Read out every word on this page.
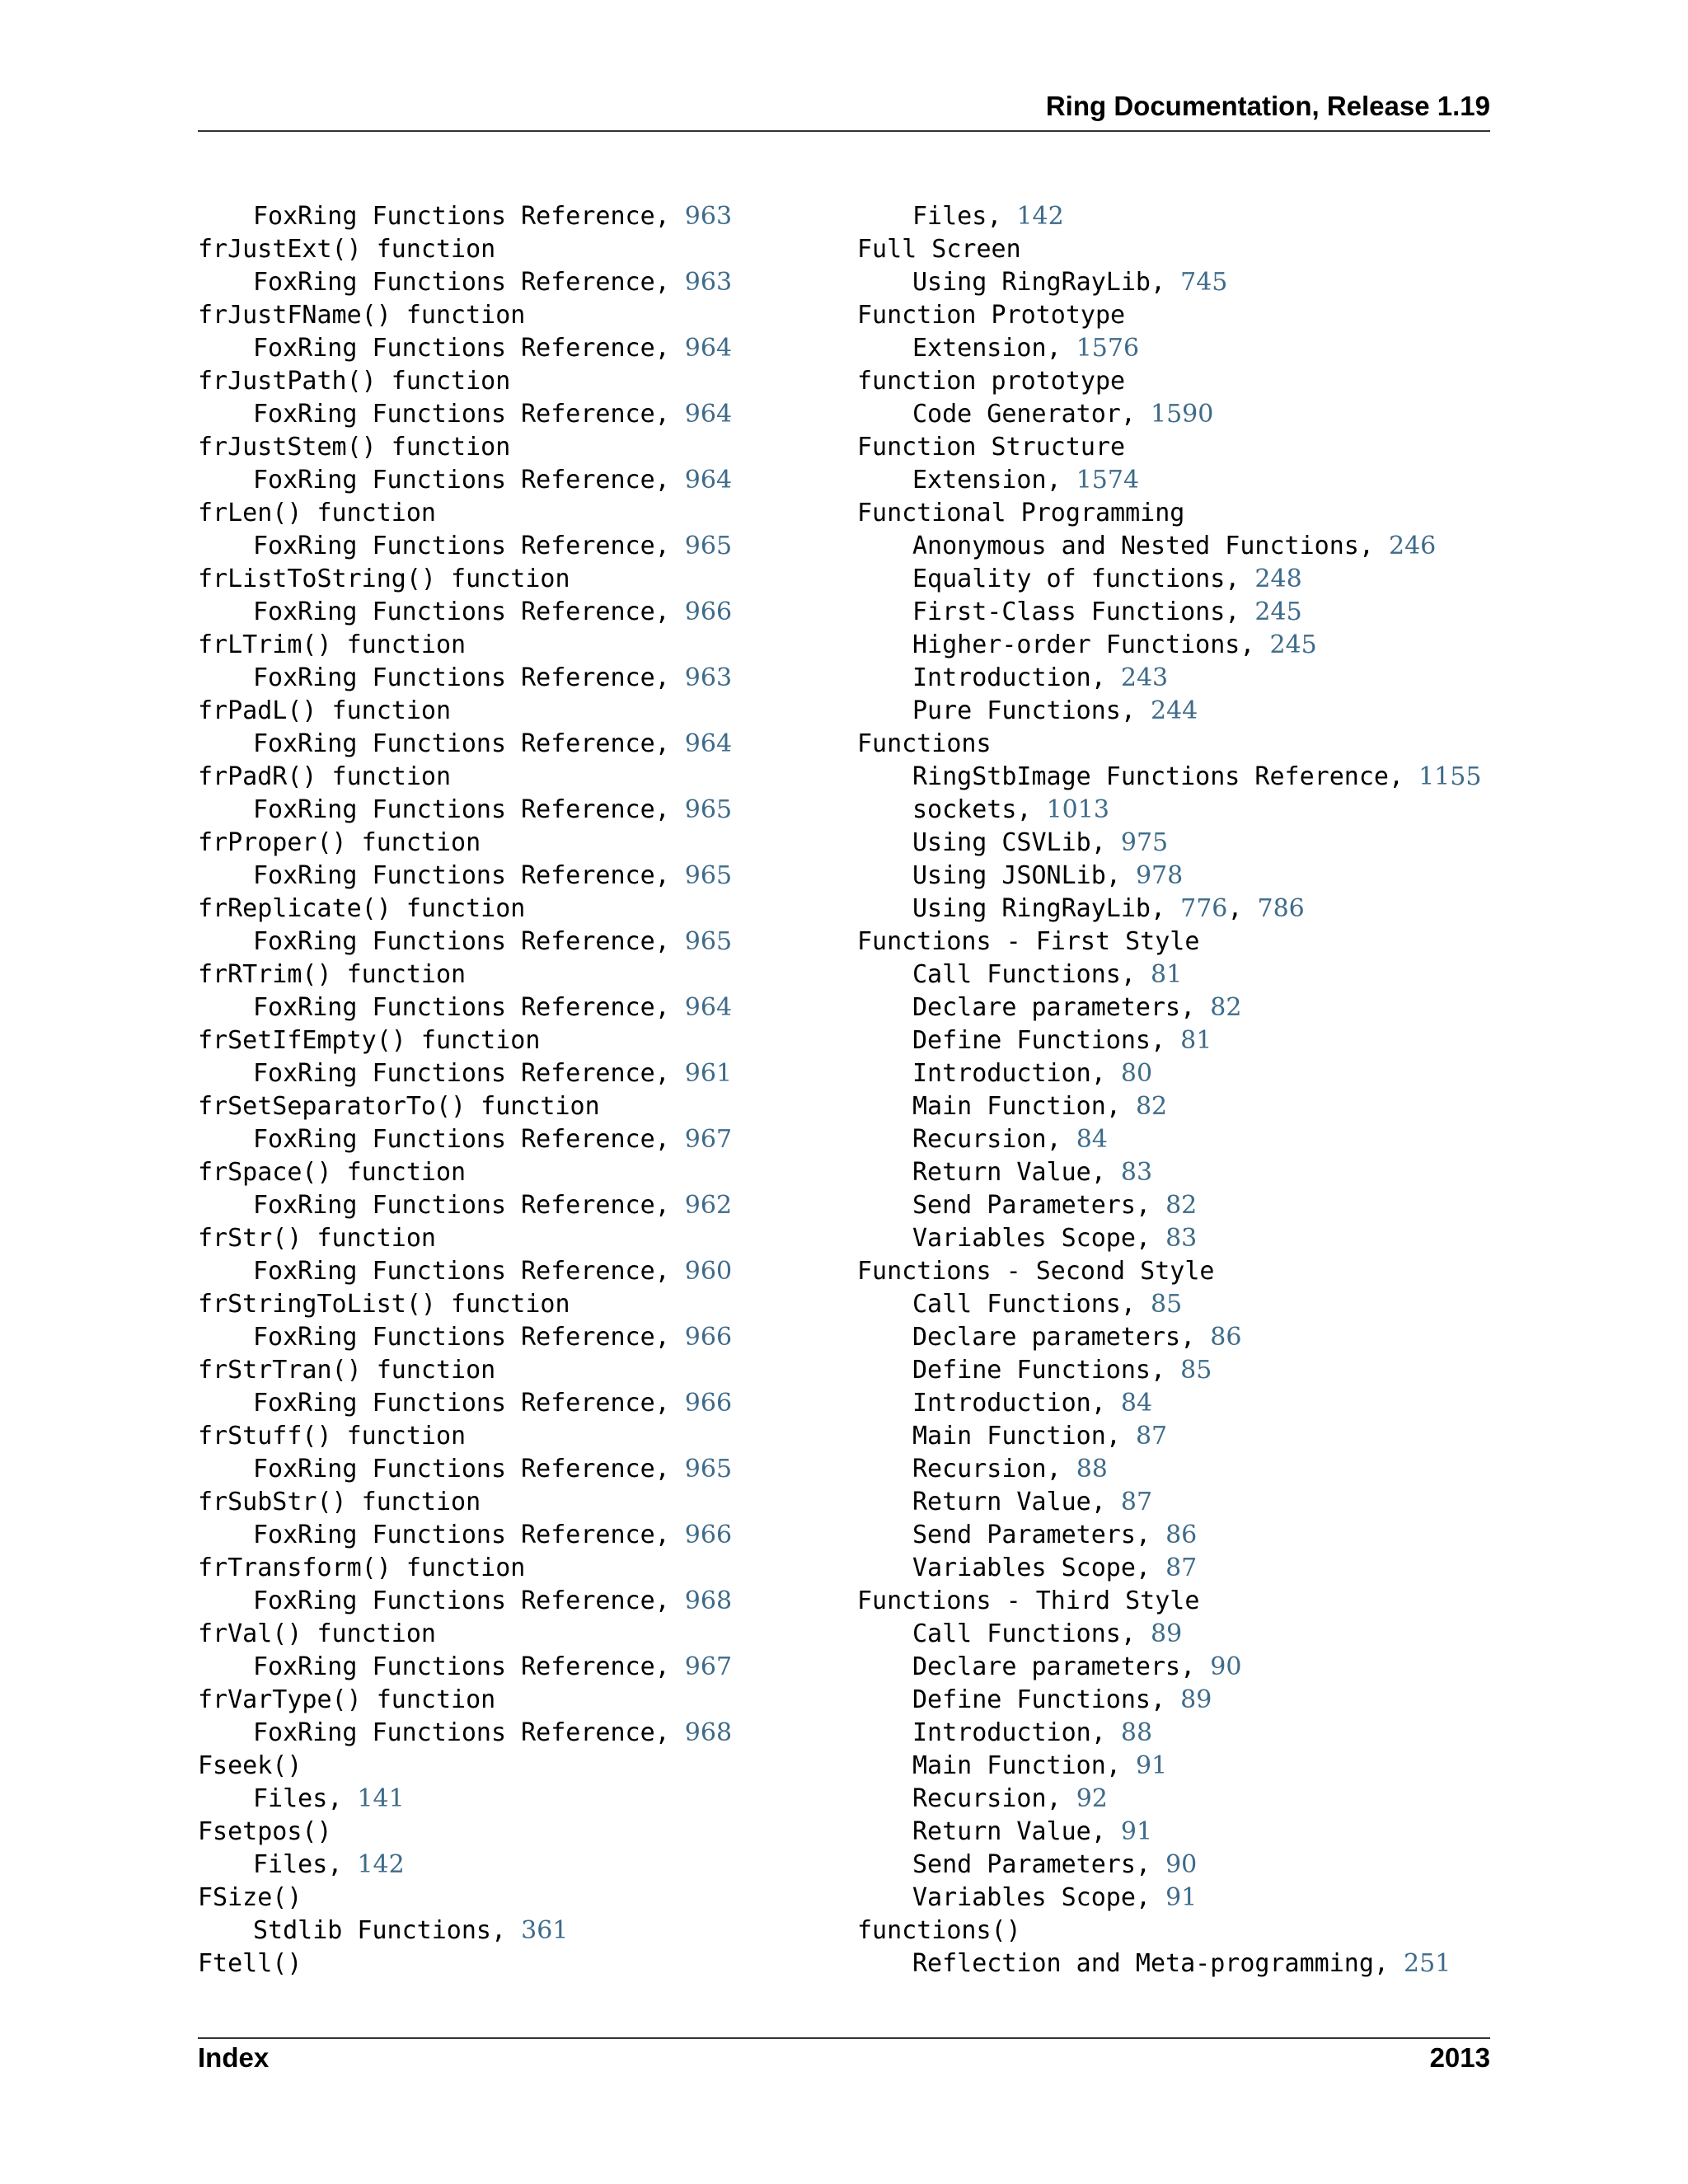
Ring Documentation, Release 1.19
FoxRing Functions Reference, 963
frJustExt() function
FoxRing Functions Reference, 963
frJustFName() function
FoxRing Functions Reference, 964
frJustPath() function
FoxRing Functions Reference, 964
frJustStem() function
FoxRing Functions Reference, 964
frLen() function
FoxRing Functions Reference, 965
frListToString() function
FoxRing Functions Reference, 966
frLTrim() function
FoxRing Functions Reference, 963
frPadL() function
FoxRing Functions Reference, 964
frPadR() function
FoxRing Functions Reference, 965
frProper() function
FoxRing Functions Reference, 965
frReplicate() function
FoxRing Functions Reference, 965
frRTrim() function
FoxRing Functions Reference, 964
frSetIfEmpty() function
FoxRing Functions Reference, 961
frSetSeparatorTo() function
FoxRing Functions Reference, 967
frSpace() function
FoxRing Functions Reference, 962
frStr() function
FoxRing Functions Reference, 960
frStringToList() function
FoxRing Functions Reference, 966
frStrTran() function
FoxRing Functions Reference, 966
frStuff() function
FoxRing Functions Reference, 965
frSubStr() function
FoxRing Functions Reference, 966
frTransform() function
FoxRing Functions Reference, 968
frVal() function
FoxRing Functions Reference, 967
frVarType() function
FoxRing Functions Reference, 968
Fseek()
Files, 141
Fsetpos()
Files, 142
FSize()
Stdlib Functions, 361
Ftell()
Files, 142
Full Screen
Using RingRayLib, 745
Function Prototype
Extension, 1576
function prototype
Code Generator, 1590
Function Structure
Extension, 1574
Functional Programming
Anonymous and Nested Functions, 246
Equality of functions, 248
First-Class Functions, 245
Higher-order Functions, 245
Introduction, 243
Pure Functions, 244
Functions
RingStbImage Functions Reference, 1155
sockets, 1013
Using CSVLib, 975
Using JSONLib, 978
Using RingRayLib, 776, 786
Functions - First Style
Call Functions, 81
Declare parameters, 82
Define Functions, 81
Introduction, 80
Main Function, 82
Recursion, 84
Return Value, 83
Send Parameters, 82
Variables Scope, 83
Functions - Second Style
Call Functions, 85
Declare parameters, 86
Define Functions, 85
Introduction, 84
Main Function, 87
Recursion, 88
Return Value, 87
Send Parameters, 86
Variables Scope, 87
Functions - Third Style
Call Functions, 89
Declare parameters, 90
Define Functions, 89
Introduction, 88
Main Function, 91
Recursion, 92
Return Value, 91
Send Parameters, 90
Variables Scope, 91
functions()
Reflection and Meta-programming, 251
Index	2013
